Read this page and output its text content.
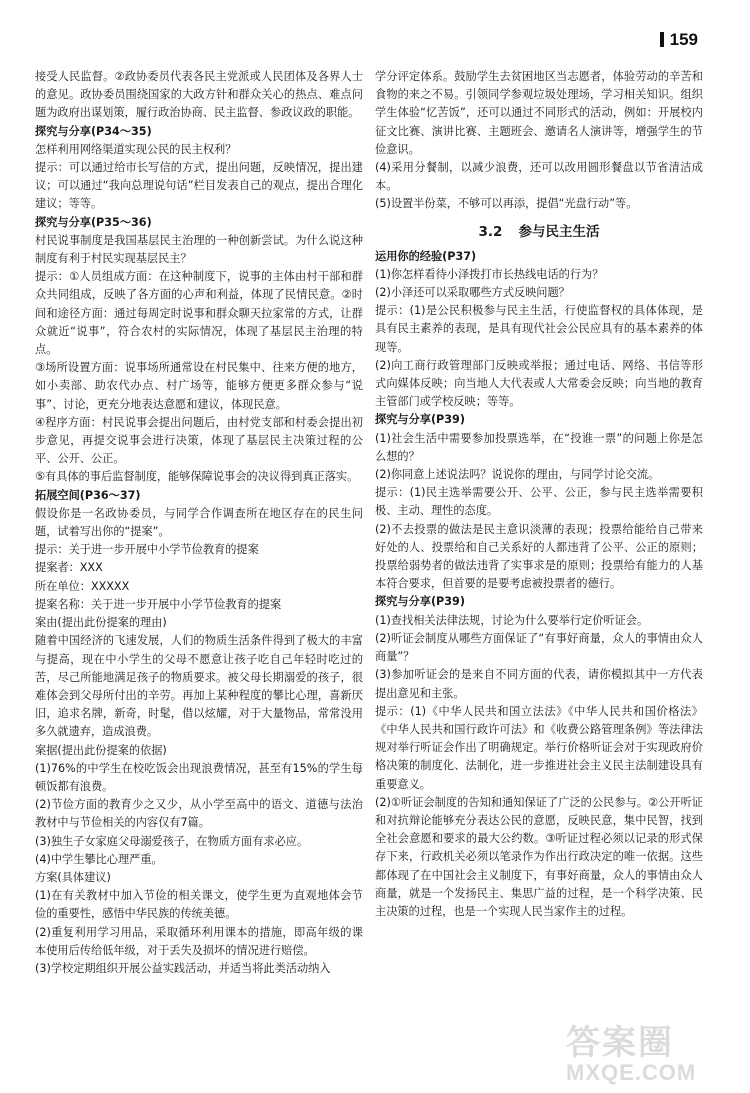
159

接受人民监督。②政协委员代表各民主党派或人民团体及各界人士的意见。政协委员围绕国家的大政方针和群众关心的热点、难点问题为政府出谋划策，履行政治协商、民主监督、参政议政的职能。

探究与分享(P34～35)

怎样利用网络渠道实现公民的民主权利？

提示：可以通过给市长写信的方式，提出问题，反映情况，提出建议；可以通过“我向总理说句话”栏目发表自己的观点，提出合理化建议；等等。

探究与分享(P35～36)

村民说事制度是我国基层民主治理的一种创新尝试。为什么说这种制度有利于村民实现基层民主？

提示：①人员组成方面：在这种制度下，说事的主体由村干部和群众共同组成，反映了各方面的心声和利益，体现了民情民意。②时间和途径方面：通过每周定时说事和群众聊天拉家常的方式，让群众就近“说事”，符合农村的实际情况，体现了基层民主治理的特点。

③场所设置方面：说事场所通常设在村民集中、往来方便的地方，如小卖部、助农代办点、村广场等，能够方便更多群众参与“说事”、讨论，更充分地表达意愿和建议，体现民意。

④程序方面：村民说事会提出问题后，由村党支部和村委会提出初步意见，再提交说事会进行决策，体现了基层民主决策过程的公平、公开、公正。

⑤有具体的事后监督制度，能够保障说事会的决议得到真正落实。

拓展空间(P36～37)

假设你是一名政协委员，与同学合作调查所在地区存在的民生问题，试着写出你的“提案”。

提示：关于进一步开展中小学节俭教育的提案

提案者：XXX

所在单位：XXXXX

提案名称：关于进一步开展中小学节俭教育的提案

案由(提出此份提案的理由)

随着中国经济的飞速发展，人们的物质生活条件得到了极大的丰富与提高，现在中小学生的父母不愿意让孩子吃自己年轻时吃过的苦，尽己所能地满足孩子的物质要求。被父母长期溺爱的孩子，很难体会到父母所付出的辛劳。再加上某种程度的攀比心理，喜新厌旧，追求名牌，新奇，时髦，借以炫耀，对于大量物品，常常没用多久就遗弃，造成浪费。

案据(提出此份提案的依据)

(1)76%的中学生在校吃饭会出现浪费情况，甚至有15%的学生每顿饭都有浪费。

(2)节俭方面的教育少之又少，从小学至高中的语文、道德与法治教材中与节俭相关的内容仅有7篇。

(3)独生子女家庭父母溺爱孩子，在物质方面有求必应。

(4)中学生攀比心理严重。

方案(具体建议)

(1)在有关教材中加入节俭的相关课文，使学生更为直观地体会节俭的重要性，感悟中华民族的传统美德。

(2)重复利用学习用品，采取循环利用课本的措施，即高年级的课本使用后传给低年级，对于丢失及损坏的情况进行赔偿。

(3)学校定期组织开展公益实践活动，并适当将此类活动纳入

学分评定体系。鼓励学生去贫困地区当志愿者，体验劳动的辛苦和食物的来之不易。引领同学参观垃圾处理场，学习相关知识。组织学生体验“忆苦饭”，还可以通过不同形式的活动，例如：开展校内征文比赛、演讲比赛、主题班会、邀请名人演讲等，增强学生的节俭意识。

(4)采用分餐制，以减少浪费，还可以改用圆形餐盘以节省清洁成本。

(5)设置半份菜，不够可以再添，提倡“光盘行动”等。

3.2 参与民主生活

运用你的经验(P37)

(1)你怎样看待小泽拨打市长热线电话的行为？

(2)小泽还可以采取哪些方式反映问题？

提示：(1)是公民积极参与民主生活，行使监督权的具体体现，是具有民主素养的表现，是具有现代社会公民应具有的基本素养的体现等。

(2)向工商行政管理部门反映或举报；通过电话、网络、书信等形式向媒体反映；向当地人大代表或人大常委会反映；向当地的教育主管部门或学校反映；等等。

探究与分享(P39)

(1)社会生活中需要参加投票选举，在“投谁一票”的问题上你是怎么想的？

(2)你同意上述说法吗？说说你的理由，与同学讨论交流。

提示：(1)民主选举需要公开、公平、公正，参与民主选举需要积极、主动、理性的态度。

(2)不去投票的做法是民主意识淡薄的表现；投票给能给自己带来好处的人、投票给和自己关系好的人都违背了公平、公正的原则；投票给弱势者的做法违背了实事求是的原则；投票给有能力的人基本符合要求，但首要的是要考虑被投票者的德行。

探究与分享(P39)

(1)查找相关法律法规，讨论为什么要举行定价听证会。

(2)听证会制度从哪些方面保证了“有事好商量，众人的事情由众人商量”？

(3)参加听证会的是来自不同方面的代表，请你模拟其中一方代表提出意见和主张。

提示：(1)《中华人民共和国立法法》《中华人民共和国价格法》《中华人民共和国行政许可法》和《收费公路管理条例》等法律法规对举行听证会作出了明确规定。举行价格听证会对于实现政府价格决策的制度化、法制化，进一步推进社会主义民主法制建设具有重要意义。

(2)①听证会制度的告知和通知保证了广泛的公民参与。②公开听证和对抗辩论能够充分表达公民的意愿，反映民意，集中民智，找到全社会意愿和要求的最大公约数。③听证过程必须以记录的形式保存下来，行政机关必须以笔录作为作出行政决定的唯一依据。这些都体现了在中国社会主义制度下，有事好商量，众人的事情由众人商量，就是一个发扬民主、集思广益的过程，是一个科学决策、民主决策的过程，也是一个实现人民当家作主的过程。

答案圈
MXQE.COM
